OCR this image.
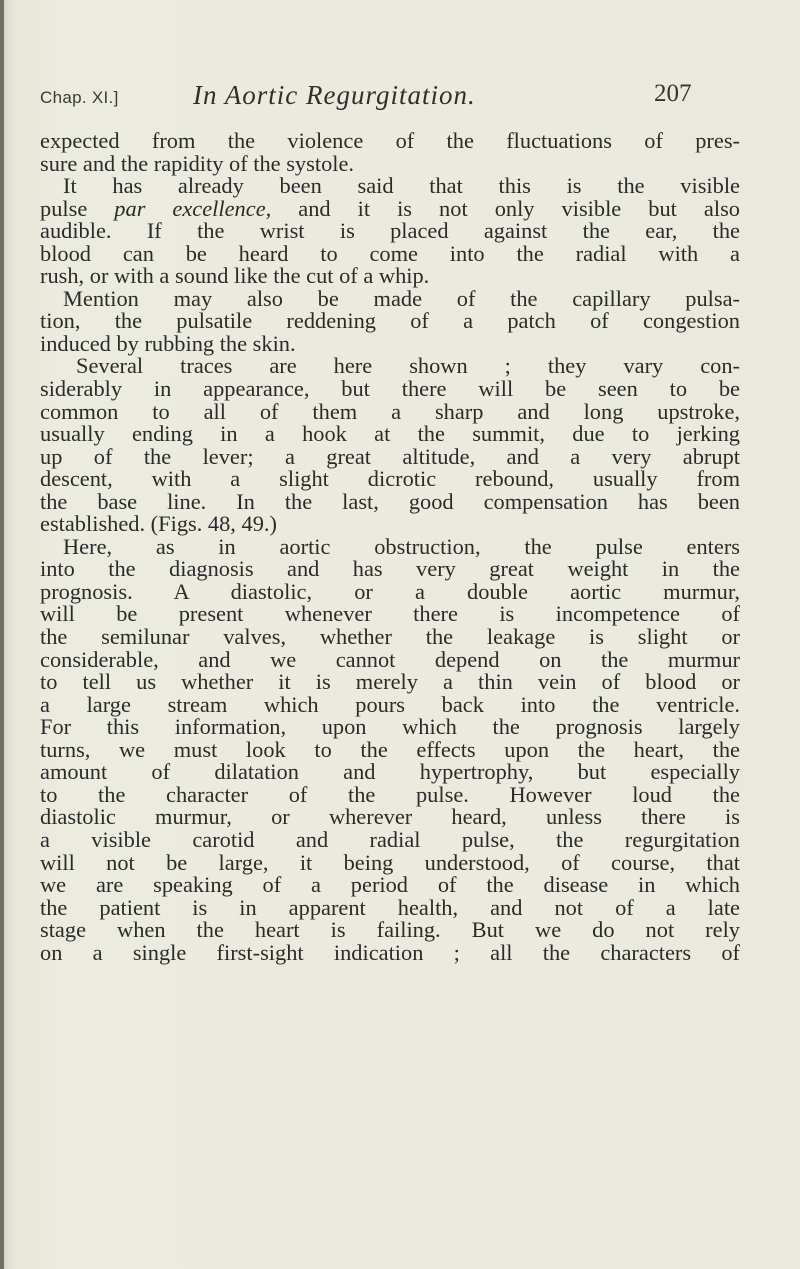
Chap. XI.]	In Aortic Regurgitation.	207
expected from the violence of the fluctuations of pres-
sure and the rapidity of the systole.
It has already been said that this is the visible
pulse par excellence, and it is not only visible but also
audible. If the wrist is placed against the ear, the
blood can be heard to come into the radial with a
rush, or with a sound like the cut of a whip.
Mention may also be made of the capillary pulsa-
tion, the pulsatile reddening of a patch of congestion
induced by rubbing the skin.
Several traces are here shown ; they vary con-
siderably in appearance, but there will be seen to be
common to all of them a sharp and long upstroke,
usually ending in a hook at the summit, due to jerking
up of the lever; a great altitude, and a very abrupt
descent, with a slight dicrotic rebound, usually from
the base line. In the last, good compensation has been
established. (Figs. 48, 49.)
Here, as in aortic obstruction, the pulse enters
into the diagnosis and has very great weight in the
prognosis. A diastolic, or a double aortic murmur,
will be present whenever there is incompetence of
the semilunar valves, whether the leakage is slight or
considerable, and we cannot depend on the murmur
to tell us whether it is merely a thin vein of blood or
a large stream which pours back into the ventricle.
For this information, upon which the prognosis largely
turns, we must look to the effects upon the heart, the
amount of dilatation and hypertrophy, but especially
to the character of the pulse. However loud the
diastolic murmur, or wherever heard, unless there is
a visible carotid and radial pulse, the regurgitation
will not be large, it being understood, of course, that
we are speaking of a period of the disease in which
the patient is in apparent health, and not of a late
stage when the heart is failing. But we do not rely
on a single first-sight indication ; all the characters of
